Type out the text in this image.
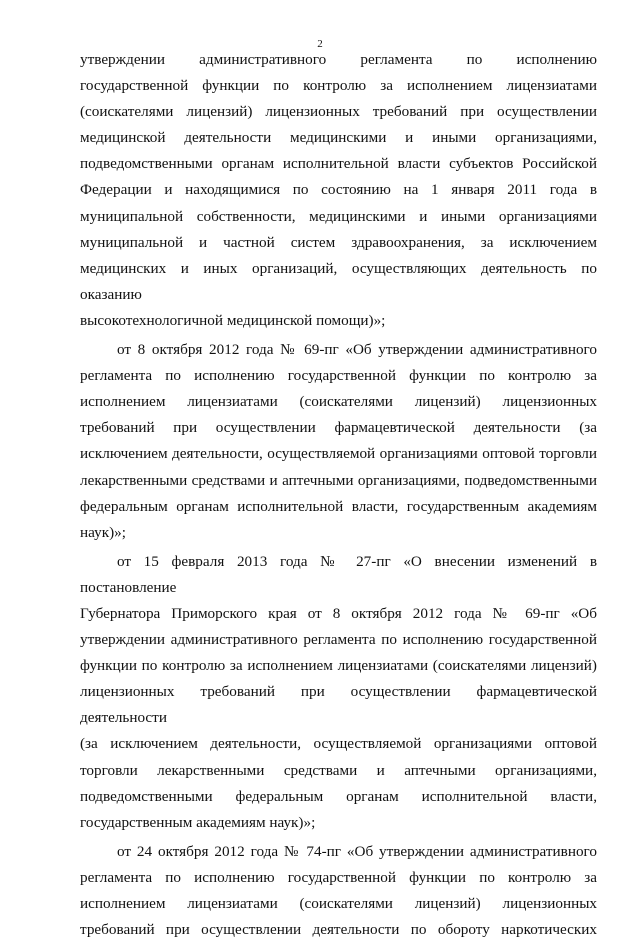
2

утверждении административного регламента по исполнению

государственной функции по контролю за исполнением лицензиатами

(соискателями лицензий) лицензионных требований при осуществлении

медицинской деятельности медицинскими и иными организациями,

подведомственными органам исполнительной власти субъектов Российской

Федерации и находящимися по состоянию на 1 января 2011 года в

муниципальной собственности, медицинскими и иными организациями

муниципальной и частной систем здравоохранения, за исключением

медицинских и иных организаций, осуществляющих деятельность по оказанию

высокотехнологичной медицинской помощи)»;

от 8 октября 2012 года № 69-пг «Об утверждении административного

регламента по исполнению государственной функции по контролю за

исполнением лицензиатами (соискателями лицензий) лицензионных

требований при осуществлении фармацевтической деятельности (за

исключением деятельности, осуществляемой организациями оптовой торговли

лекарственными средствами и аптечными организациями, подведомственными

федеральным органам исполнительной власти, государственным академиям

наук)»;

от 15 февраля 2013 года № 27-пг «О внесении изменений в постановление

Губернатора Приморского края от 8 октября 2012 года № 69-пг «Об

утверждении административного регламента по исполнению государственной

функции по контролю за исполнением лицензиатами (соискателями лицензий)

лицензионных требований при осуществлении фармацевтической деятельности

(за исключением деятельности, осуществляемой организациями оптовой

торговли лекарственными средствами и аптечными организациями,

подведомственными федеральным органам исполнительной власти,

государственным академиям наук)»;

от 24 октября 2012 года № 74-пг «Об утверждении административного

регламента по исполнению государственной функции по контролю за

исполнением лицензиатами (соискателями лицензий) лицензионных

требований при осуществлении деятельности по обороту наркотических
